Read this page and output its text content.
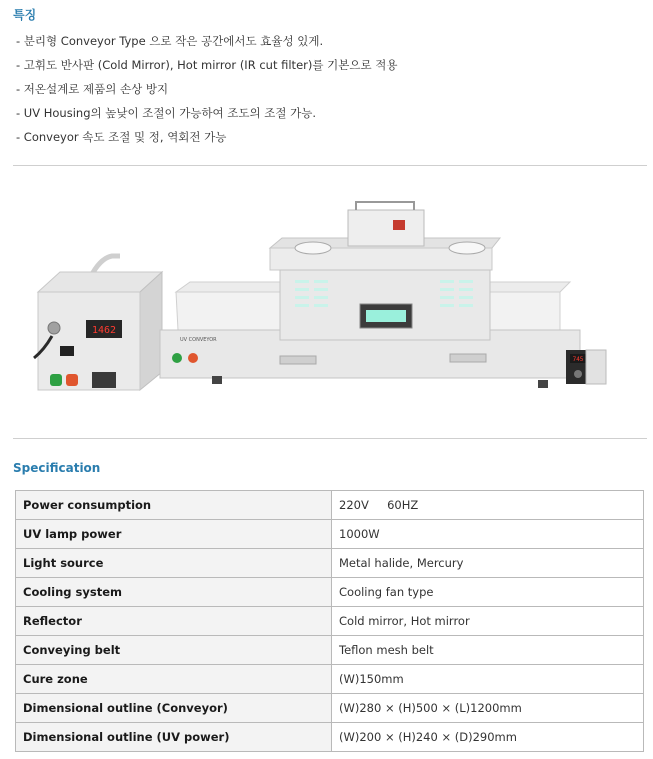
특징
- 분리형 Conveyor Type 으로 작은 공간에서도 효율성 있게.
- 고휘도 반사판 (Cold Mirror), Hot mirror (IR cut filter)를 기본으로 적용
- 저온설계로 제품의 손상 방지
- UV Housing의 높낮이 조절이 가능하여 조도의 조절 가능.
- Conveyor 속도 조절 및 정, 역회전 가능
1462
UV CONVEYOR
745
Specification
Power consumption	220V     60HZ
UV lamp power	1000W
Light source	Metal halide, Mercury
Cooling system	Cooling fan type
Reflector	Cold mirror, Hot mirror
Conveying belt	Teflon mesh belt
Cure zone	(W)150mm
Dimensional outline (Conveyor)	(W)280 × (H)500 × (L)1200mm
Dimensional outline (UV power)	(W)200 × (H)240 × (D)290mm
